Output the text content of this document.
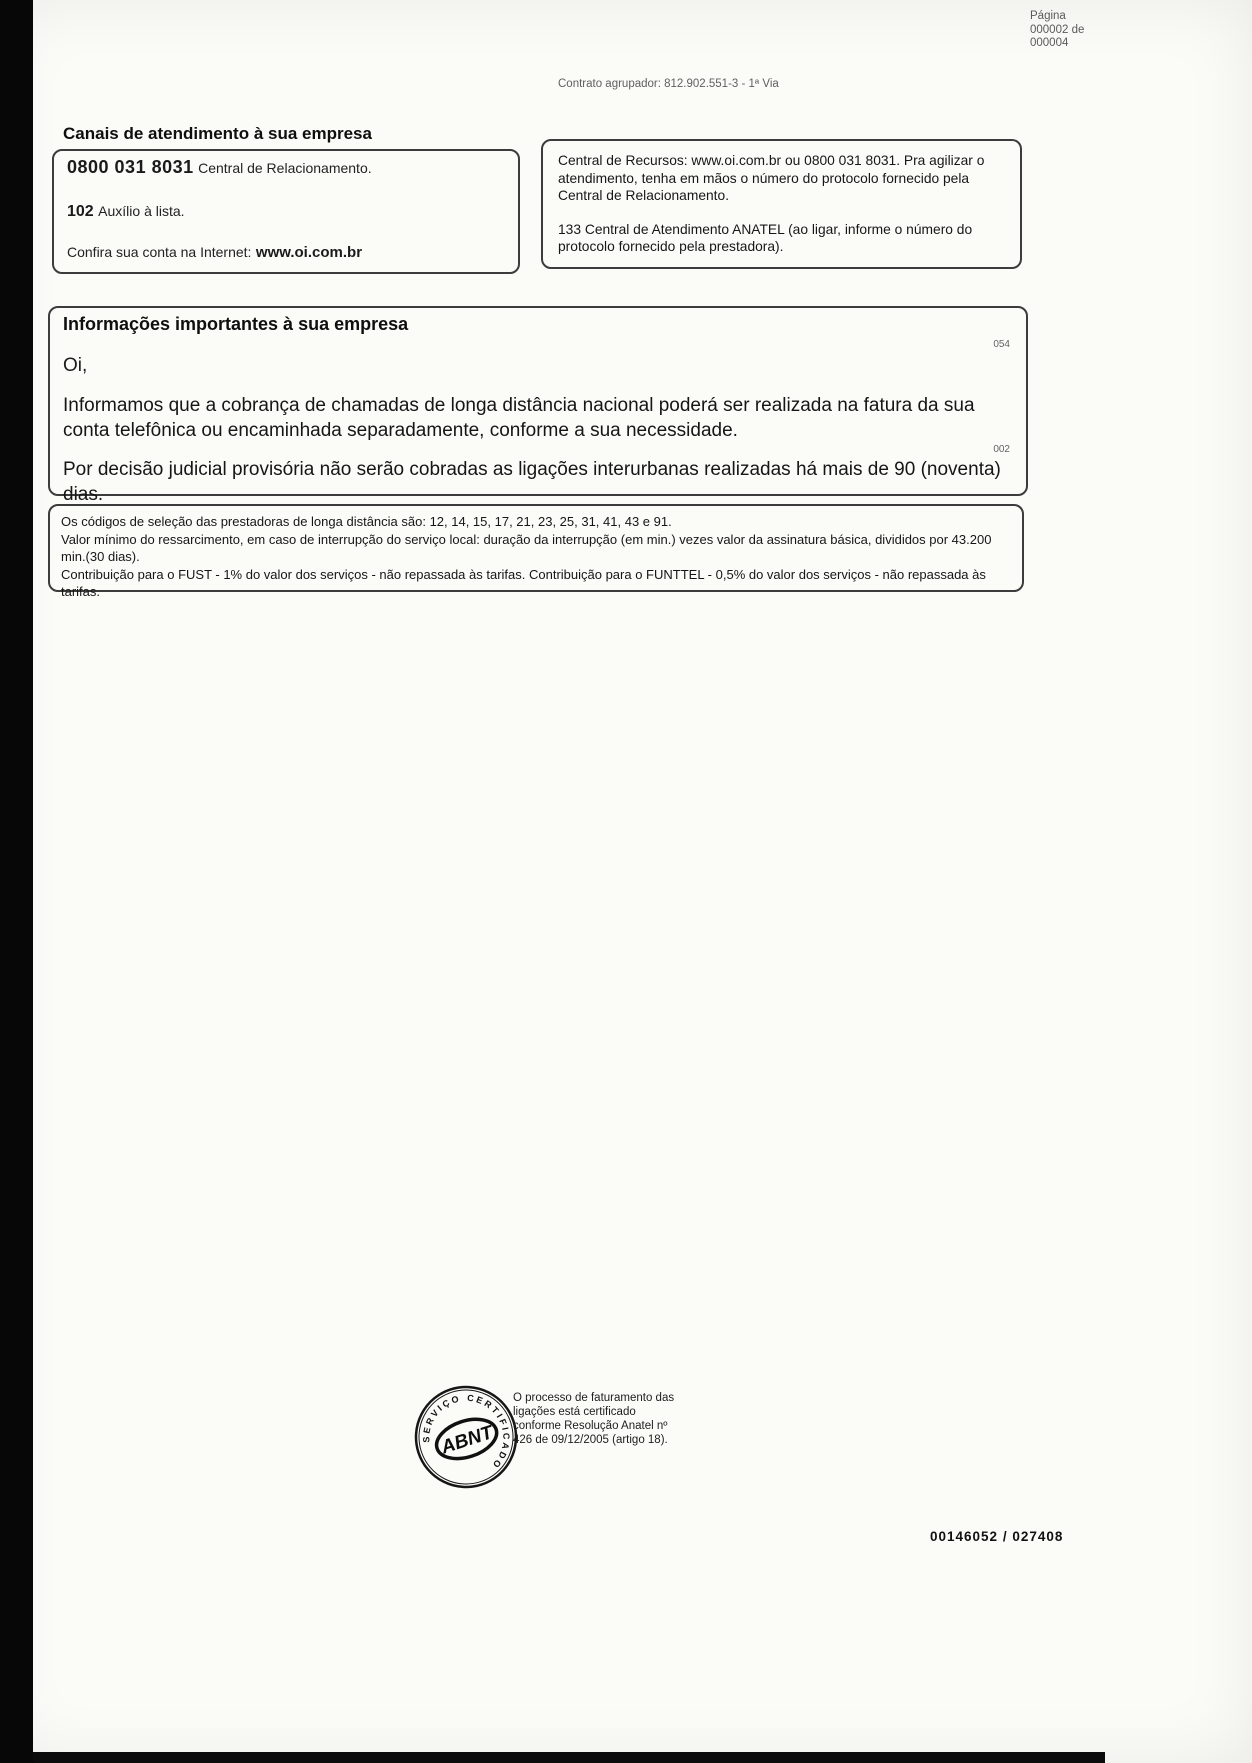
Página
000002 de
000004
Contrato agrupador: 812.902.551-3 - 1ª Via
Canais de atendimento à sua empresa
0800 031 8031 Central de Relacionamento.
102 Auxílio à lista.
Confira sua conta na Internet: www.oi.com.br

Central de Recursos: www.oi.com.br ou 0800 031 8031. Pra agilizar o atendimento, tenha em mãos o número do protocolo fornecido pela Central de Relacionamento.

133 Central de Atendimento ANATEL (ao ligar, informe o número do protocolo fornecido pela prestadora).

Informações importantes à sua empresa
054
Oi,
Informamos que a cobrança de chamadas de longa distância nacional poderá ser realizada na fatura da sua conta telefônica ou encaminhada separadamente, conforme a sua necessidade.
002
Por decisão judicial provisória não serão cobradas as ligações interurbanas realizadas há mais de 90 (noventa) dias.
Os códigos de seleção das prestadoras de longa distância são: 12, 14, 15, 17, 21, 23, 25, 31, 41, 43 e 91.
Valor mínimo do ressarcimento, em caso de interrupção do serviço local: duração da interrupção (em min.) vezes valor da assinatura básica, divididos por 43.200 min.(30 dias).
Contribuição para o FUST - 1% do valor dos serviços - não repassada às tarifas. Contribuição para o FUNTTEL - 0,5% do valor dos serviços - não repassada às tarifas.
SERVIÇO CERTIFICADO
ABNT
O processo de faturamento das ligações está certificado conforme Resolução Anatel nº 426 de 09/12/2005 (artigo 18).
00146052 / 027408
